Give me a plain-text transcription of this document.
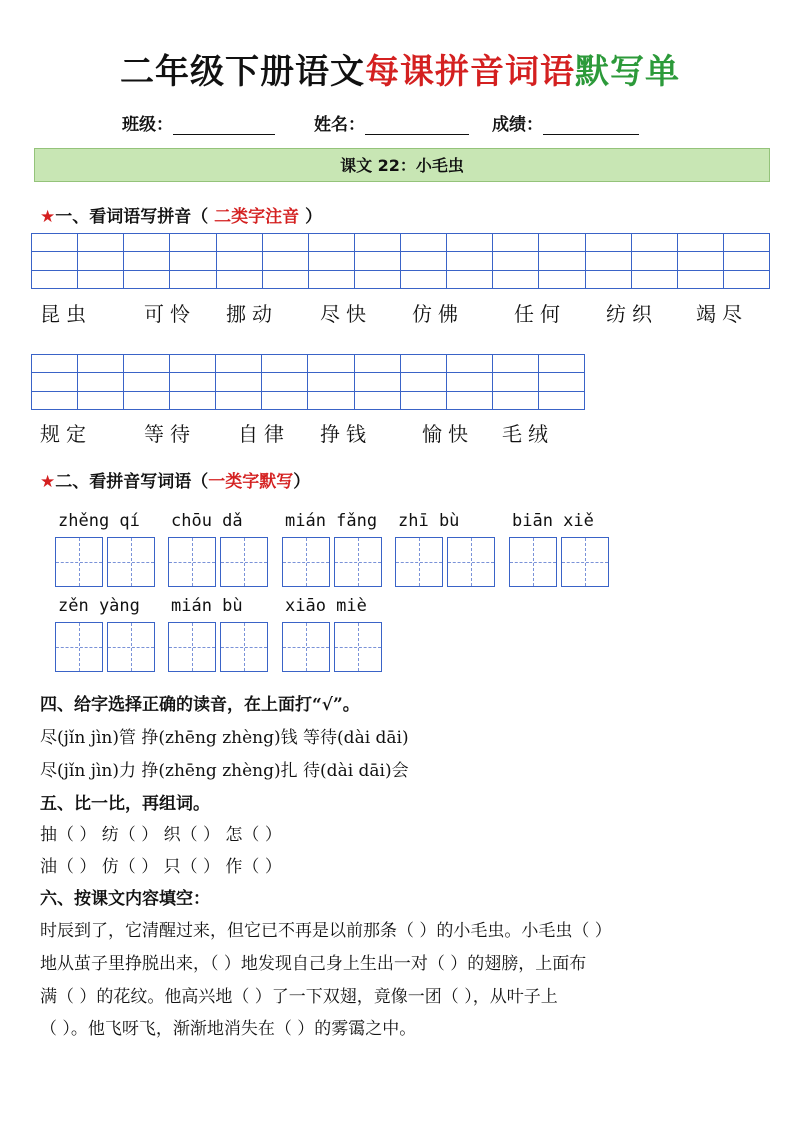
二年级下册语文每课拼音词语默写单
班级：	姓名：	成绩：
课文 22：小毛虫
★一、看词语写拼音（ 二类字注音 ）

昆虫	可怜 挪动 尽快 仿佛	任何 纺织 竭尽

规定	等待 自律 挣钱	愉快 毛绒
★二、看拼音写词语（一类字默写）
zhěng qí chōu dǎ mián fǎng zhī bù	biān xiě
zěn yàng mián bù xiāo miè
四、给字选择正确的读音，在上面打“√”。
尽(jǐn jìn)管 挣(zhēng zhèng)钱 等待(dài dāi)
尽(jǐn jìn)力 挣(zhēng zhèng)扎 待(dài dāi)会
五、比一比，再组词。
抽（ ） 纺（ ） 织（ ） 怎（ ）
油（ ） 仿（ ） 只（ ） 作（ ）
六、按课文内容填空：
时辰到了，它清醒过来，但它已不再是以前那条（ ）的小毛虫。小毛虫（ ）
地从茧子里挣脱出来，（ ）地发现自己身上生出一对（ ）的翅膀，上面布
满（ ）的花纹。他高兴地（ ）了一下双翅，竟像一团（ ），从叶子上
（ ）。他飞呀飞，渐渐地消失在（ ）的雾霭之中。
